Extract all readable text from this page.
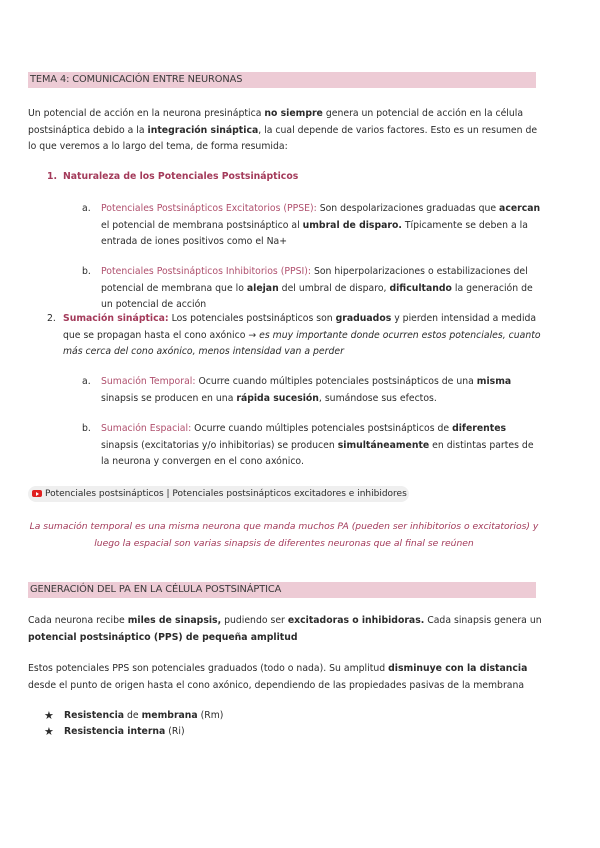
TEMA 4: COMUNICACIÓN ENTRE NEURONAS

Un potencial de acción en la neurona presináptica no siempre genera un potencial de acción en la célula postsináptica debido a la integración sináptica, la cual depende de varios factores. Esto es un resumen de lo que veremos a lo largo del tema, de forma resumida:

1. Naturaleza de los Potenciales Postsinápticos
a. Potenciales Postsinápticos Excitatorios (PPSE): Son despolarizaciones graduadas que acercan el potencial de membrana postsináptico al umbral de disparo. Típicamente se deben a la entrada de iones positivos como el Na+

b. Potenciales Postsinápticos Inhibitorios (PPSI): Son hiperpolarizaciones o estabilizaciones del potencial de membrana que lo alejan del umbral de disparo, dificultando la generación de un potencial de acción

2. Sumación sináptica: Los potenciales postsinápticos son graduados y pierden intensidad a medida que se propagan hasta el cono axónico → es muy importante donde ocurren estos potenciales, cuanto más cerca del cono axónico, menos intensidad van a perder

a. Sumación Temporal: Ocurre cuando múltiples potenciales postsinápticos de una misma sinapsis se producen en una rápida sucesión, sumándose sus efectos.

b. Sumación Espacial: Ocurre cuando múltiples potenciales postsinápticos de diferentes sinapsis (excitatorias y/o inhibitorias) se producen simultáneamente en distintas partes de la neurona y convergen en el cono axónico.

Potenciales postsinápticos | Potenciales postsinápticos excitadores e inhibidores

La sumación temporal es una misma neurona que manda muchos PA (pueden ser inhibitorios o excitatorios) y luego la espacial son varias sinapsis de diferentes neuronas que al final se reúnen

GENERACIÓN DEL PA EN LA CÉLULA POSTSINÁPTICA

Cada neurona recibe miles de sinapsis, pudiendo ser excitadoras o inhibidoras. Cada sinapsis genera un potencial postsináptico (PPS) de pequeña amplitud

Estos potenciales PPS son potenciales graduados (todo o nada). Su amplitud disminuye con la distancia desde el punto de origen hasta el cono axónico, dependiendo de las propiedades pasivas de la membrana

★ Resistencia de membrana (Rm)

★ Resistencia interna (Ri)
